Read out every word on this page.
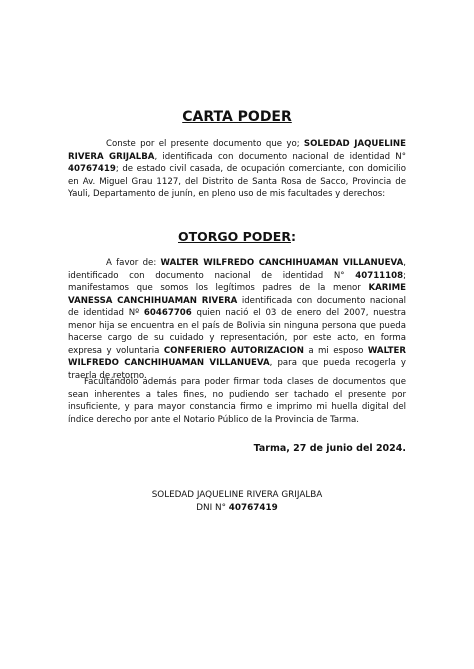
CARTA PODER
Conste por el presente documento que yo; SOLEDAD JAQUELINE RIVERA GRIJALBA, identificada con documento nacional de identidad N° 40767419; de estado civil casada, de ocupación comerciante, con domicilio en Av. Miguel Grau 1127, del Distrito de Santa Rosa de Sacco, Provincia de Yauli, Departamento de junín, en pleno uso de mis facultades y derechos:
OTORGO PODER:
A favor de: WALTER WILFREDO CANCHIHUAMAN VILLANUEVA, identificado con documento nacional de identidad N° 40711108; manifestamos que somos los legítimos padres de la menor KARIME VANESSA CANCHIHUAMAN RIVERA identificada con documento nacional de identidad Nº 60467706 quien nació el 03 de enero del 2007, nuestra menor hija se encuentra en el país de Bolivia sin ninguna persona que pueda hacerse cargo de su cuidado y representación, por este acto, en forma expresa y voluntaria CONFERIERO AUTORIZACION a mi esposo WALTER WILFREDO CANCHIHUAMAN VILLANUEVA, para que pueda recogerla y traerla de retorno.
Facultándolo además para poder firmar toda clases de documentos que sean inherentes a tales fines, no pudiendo ser tachado el presente por insuficiente, y para mayor constancia firmo e imprimo mi huella digital del índice derecho por ante el Notario Público de la Provincia de Tarma.
Tarma, 27 de junio del 2024.
SOLEDAD JAQUELINE RIVERA GRIJALBA
DNI N° 40767419
